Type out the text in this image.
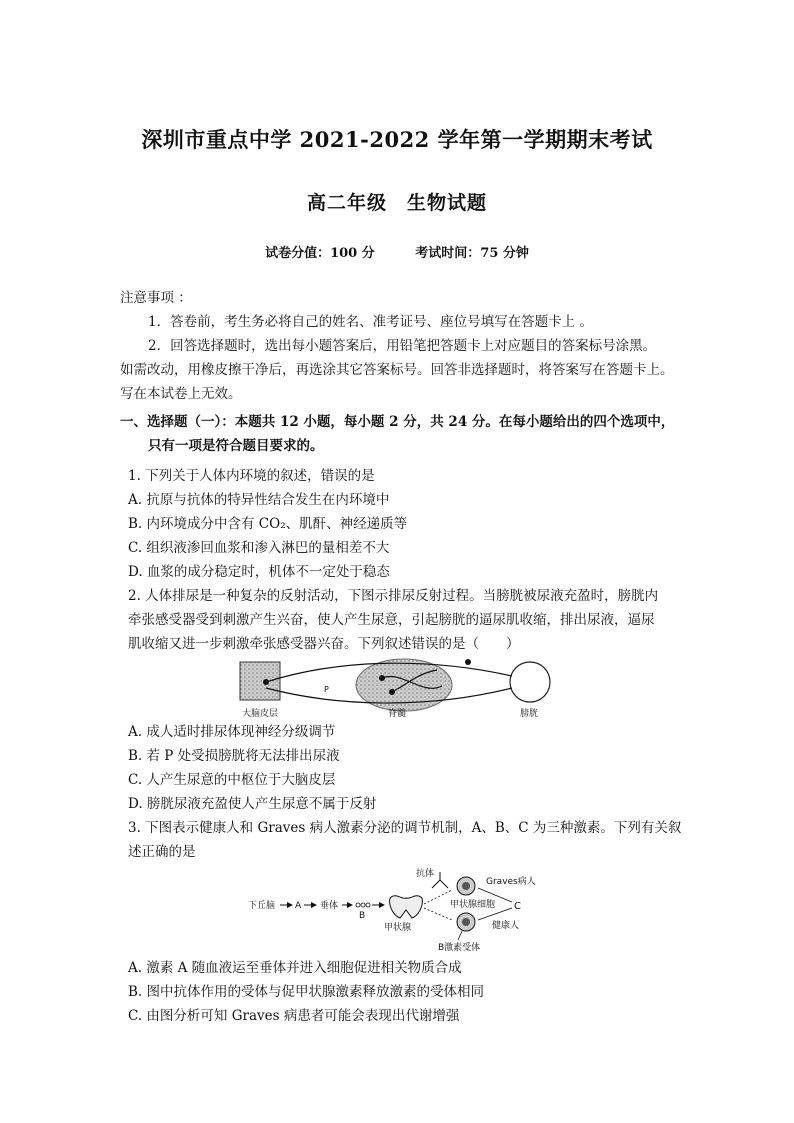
深圳市重点中学 2021-2022 学年第一学期期末考试
高二年级　生物试题
试卷分值：100 分	考试时间：75 分钟
注意事项 ：
1．答卷前，考生务必将自己的姓名、准考证号、座位号填写在答题卡上 。
2．回答选择题时，选出每小题答案后，用铅笔把答题卡上对应题目的答案标号涂黑。
如需改动，用橡皮擦干净后，再选涂其它答案标号。回答非选择题时，将答案写在答题卡上。
写在本试卷上无效。
一、选择题（一）：本题共 12 小题，每小题 2 分，共 24 分。在每小题给出的四个选项中，
只有一项是符合题目要求的。
1. 下列关于人体内环境的叙述，错误的是
A. 抗原与抗体的特异性结合发生在内环境中
B. 内环境成分中含有 CO₂、肌酐、神经递质等
C. 组织液渗回血浆和渗入淋巴的量相差不大
D. 血浆的成分稳定时，机体不一定处于稳态
2. 人体排尿是一种复杂的反射活动，下图示排尿反射过程。当膀胱被尿液充盈时，膀胱内
牵张感受器受到刺激产生兴奋，使人产生尿意，引起膀胱的逼尿肌收缩，排出尿液，逼尿
肌收缩又进一步刺激牵张感受器兴奋。下列叙述错误的是（　　）
P
大脑皮层	脊髓	膀胱
A. 成人适时排尿体现神经分级调节
B. 若 P 处受损膀胱将无法排出尿液
C. 人产生尿意的中枢位于大脑皮层
D. 膀胱尿液充盈使人产生尿意不属于反射
3. 下图表示健康人和 Graves 病人激素分泌的调节机制，A、B、C 为三种激素。下列有关叙
述正确的是
下丘脑 A 垂体
B
甲状腺
抗体
Graves病人
甲状腺细胞 C
健康人
B激素受体
A. 激素 A 随血液运至垂体并进入细胞促进相关物质合成
B. 图中抗体作用的受体与促甲状腺激素释放激素的受体相同
C. 由图分析可知 Graves 病患者可能会表现出代谢增强
